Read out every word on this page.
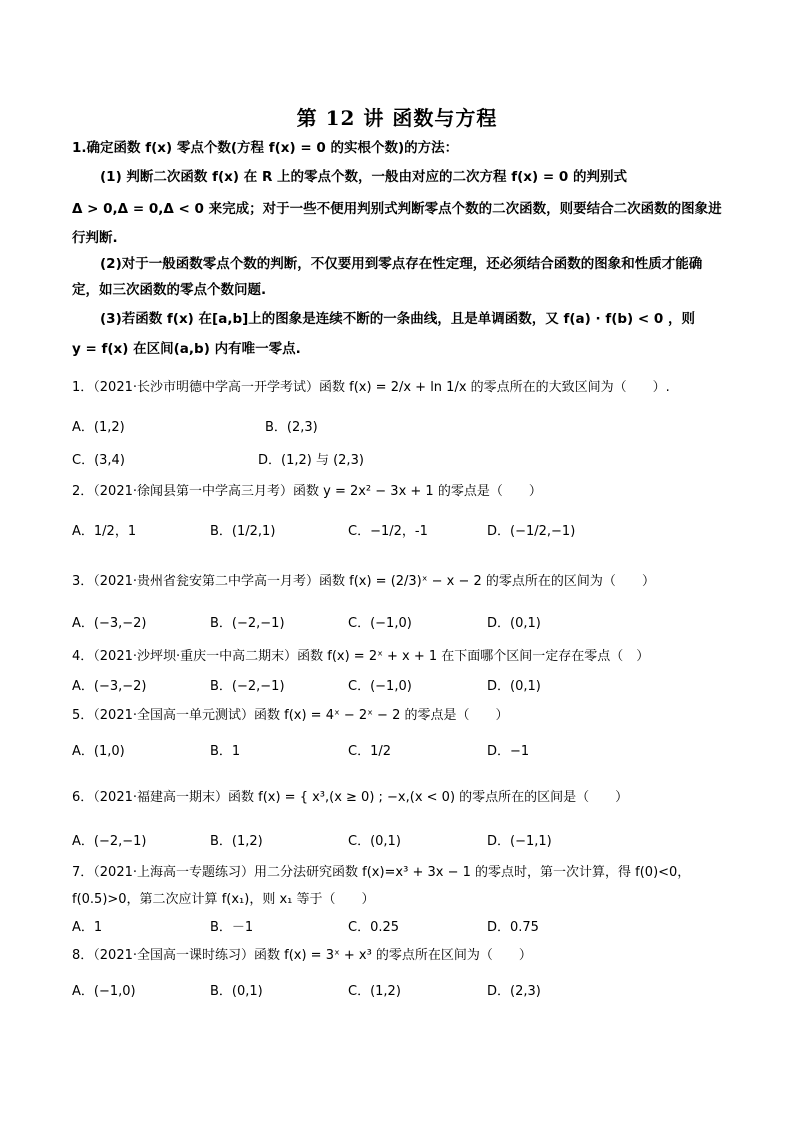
第 12 讲 函数与方程
1.确定函数 f(x) 零点个数(方程 f(x) = 0 的实根个数)的方法：
(1) 判断二次函数 f(x) 在 R 上的零点个数，一般由对应的二次方程 f(x) = 0 的判别式
Δ > 0,Δ = 0,Δ < 0 来完成；对于一些不便用判别式判断零点个数的二次函数，则要结合二次函数的图象进
行判断.
(2)对于一般函数零点个数的判断，不仅要用到零点存在性定理，还必须结合函数的图象和性质才能确
定，如三次函数的零点个数问题.
(3)若函数 f(x) 在[a,b]上的图象是连续不断的一条曲线，且是单调函数，又 f(a) · f(b) < 0 ，则
y = f(x) 在区间(a,b) 内有唯一零点.
1．（2021·长沙市明德中学高一开学考试）函数 f(x) = 2/x + ln 1/x 的零点所在的大致区间为（　　）.
A．(1,2)	B．(2,3)
C．(3,4)	D．(1,2) 与 (2,3)
2．（2021·徐闻县第一中学高三月考）函数 y = 2x² − 3x + 1 的零点是（　　）
A．1/2，1	B．(1/2,1)	C．−1/2，-1	D．(−1/2,−1)
3．（2021·贵州省瓮安第二中学高一月考）函数 f(x) = (2/3)ˣ − x − 2 的零点所在的区间为（　　）
A．(−3,−2)	B．(−2,−1)	C．(−1,0)	D．(0,1)
4．（2021·沙坪坝·重庆一中高二期末）函数 f(x) = 2ˣ + x + 1 在下面哪个区间一定存在零点（　）
A．(−3,−2)	B．(−2,−1)	C．(−1,0)	D．(0,1)
5．（2021·全国高一单元测试）函数 f(x) = 4ˣ − 2ˣ − 2 的零点是（　　）
A．(1,0)	B．1	C．1/2	D．−1
6．（2021·福建高一期末）函数 f(x) = { x³,(x ≥ 0) ; −x,(x < 0) 的零点所在的区间是（　　）
A．(−2,−1)	B．(1,2)	C．(0,1)	D．(−1,1)
7．（2021·上海高一专题练习）用二分法研究函数 f(x)=x³ + 3x − 1 的零点时，第一次计算，得 f(0)<0，
f(0.5)>0，第二次应计算 f(x₁)，则 x₁ 等于（　　）
A．1	B．－1	C．0.25	D．0.75
8．（2021·全国高一课时练习）函数 f(x) = 3ˣ + x³ 的零点所在区间为（　　）
A．(−1,0)	B．(0,1)	C．(1,2)	D．(2,3)
